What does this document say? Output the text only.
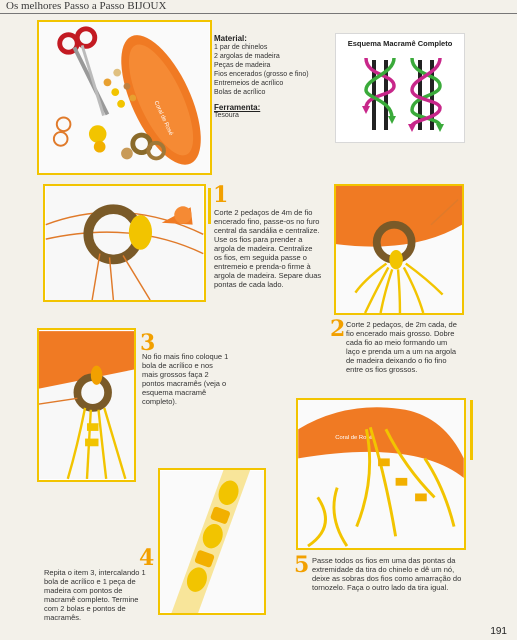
Os melhores Passo a Passo BIJOUX
Coral de Rosé
Material:
1 par de chinelos
2 argolas de madeira
Peças de madeira
Fios encerados (grosso e fino)
Entremeios de acrílico
Bolas de acrílico
Ferramenta:
Tesoura
Esquema Macramê Completo
1

Corte 2 pedaços de 4m de fio encerado fino, passe-os no furo central da sandália e centralize. Use os fios para prender a argola de madeira. Centralize os fios, em seguida passe o entremeio e prenda-o firme à argola de madeira. Separe duas pontas de cada lado.

2 Corte 2 pedaços, de 2m cada, de fio encerado mais grosso. Dobre cada fio ao meio formando um laço e prenda um a um na argola de madeira deixando o fio fino entre os fios grossos.

3

No fio mais fino coloque 1 bola de acrílico e nos mais grossos faça 2 pontos macramês (veja o esquema macramê completo).

4

Repita o item 3, intercalando 1 bola de acrílico e 1 peça de madeira com pontos de macramê completo. Termine com 2 bolas e pontos de macramês.

Coral de Rosé
5 Passe todos os fios em uma das pontas da extremidade da tira do chinelo e dê um nó, deixe as sobras dos fios como amarração do tornozelo. Faça o outro lado da tira igual.

191
